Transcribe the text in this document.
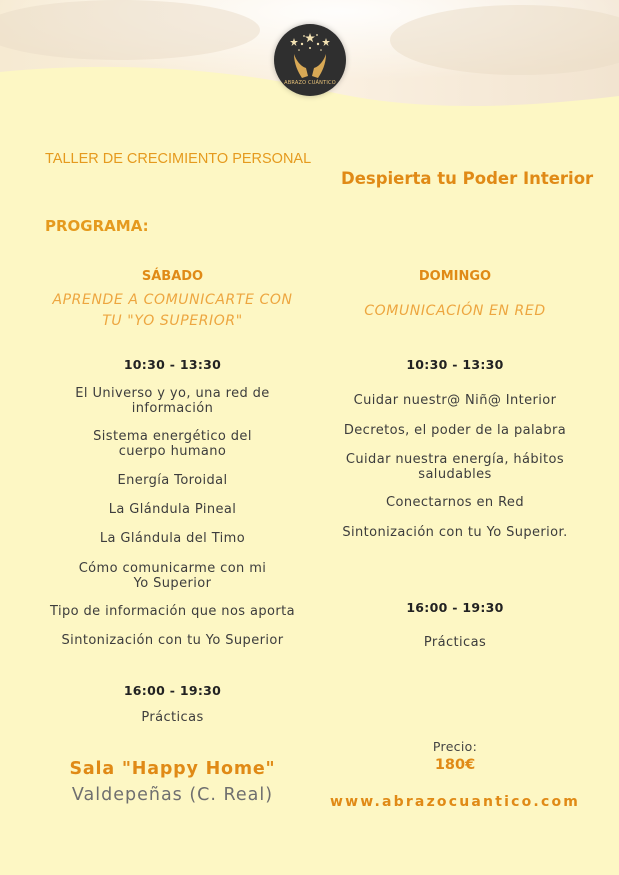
ABRAZO CUÁNTICO
TALLER DE CRECIMIENTO PERSONAL
Despierta tu Poder Interior
PROGRAMA:
SÁBADO
APRENDE A COMUNICARTE CON
TU "YO SUPERIOR"
10:30 - 13:30
El Universo y yo, una red de
información
Sistema energético del
cuerpo humano
Energía Toroidal
La Glándula Pineal
La Glándula del Timo
Cómo comunicarme con mi
Yo Superior
Tipo de información que nos aporta
Sintonización con tu Yo Superior
16:00 - 19:30
Prácticas
Sala "Happy Home"
Valdepeñas (C. Real)
DOMINGO
COMUNICACIÓN EN RED
10:30 - 13:30
Cuidar nuestr@ Niñ@ Interior
Decretos, el poder de la palabra
Cuidar nuestra energía, hábitos
saludables
Conectarnos en Red
Sintonización con tu Yo Superior.
16:00 - 19:30
Prácticas
Precio:
180€
www.abrazocuantico.com
